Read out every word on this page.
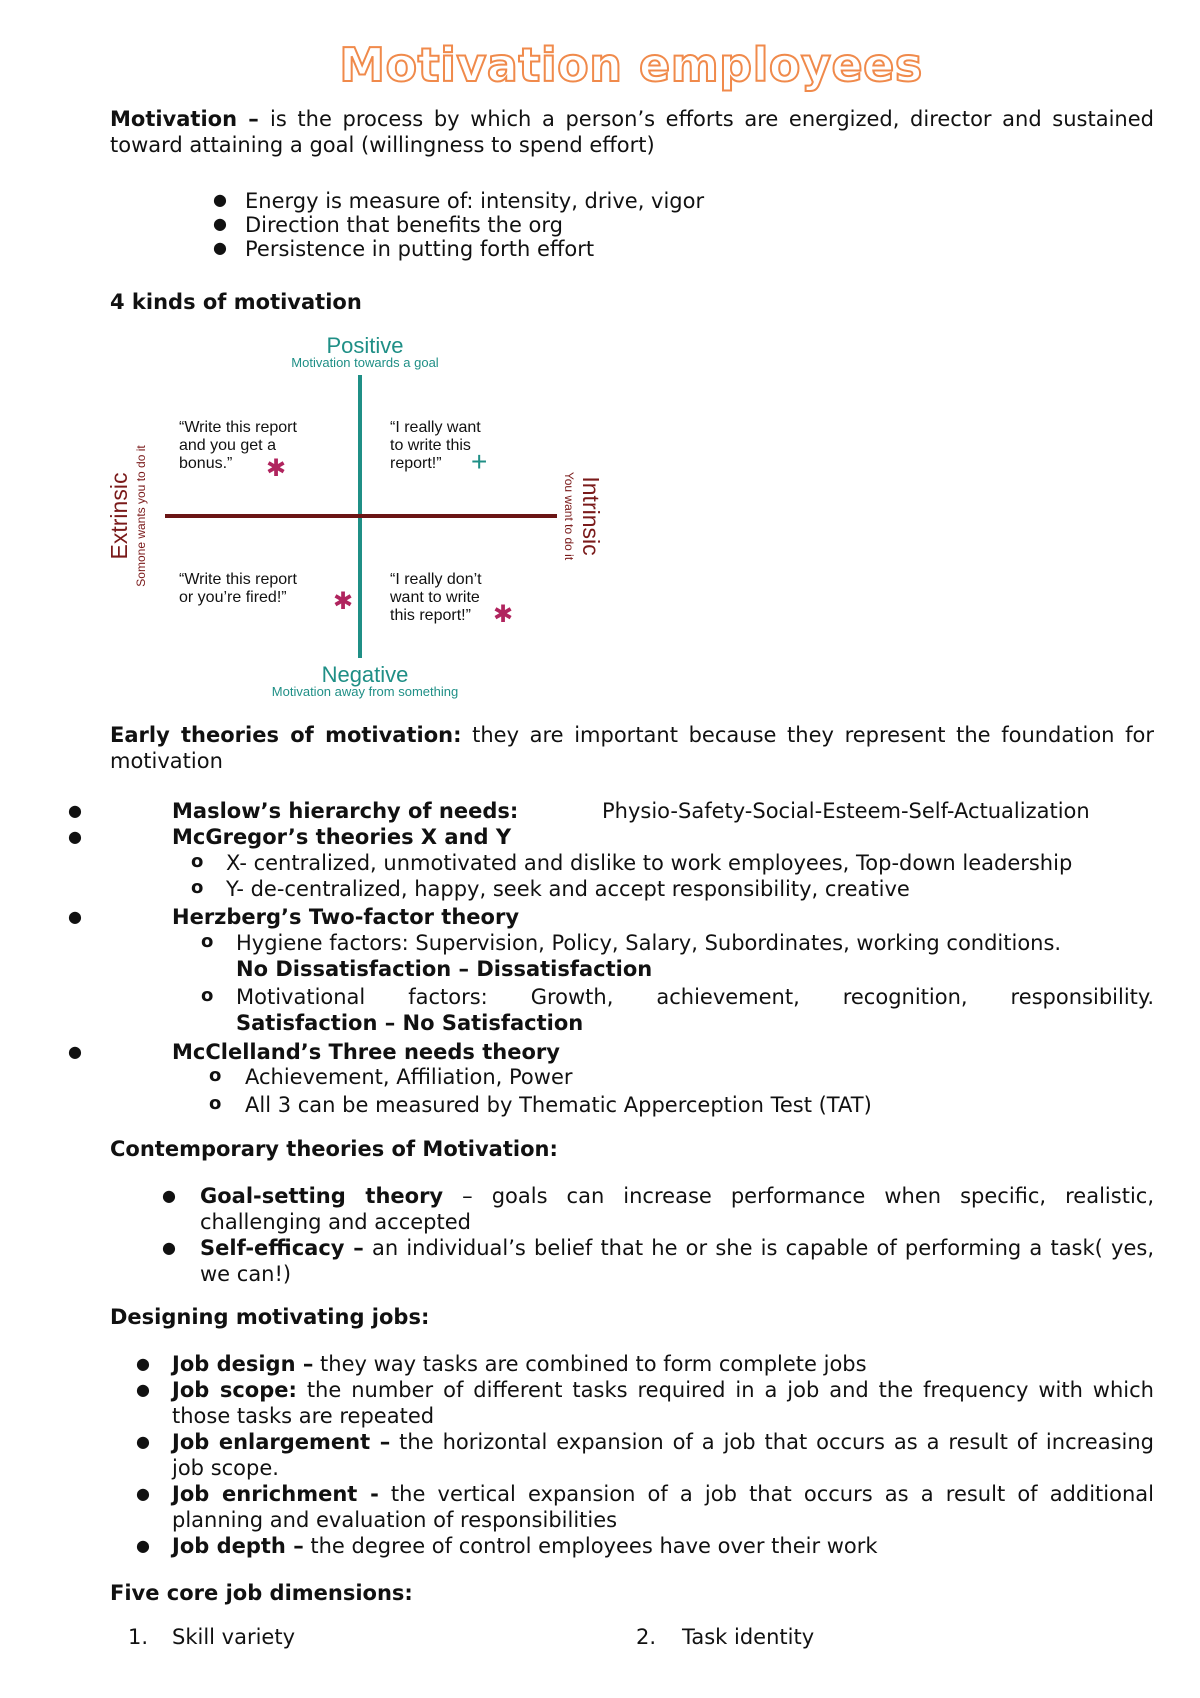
Motivation employees
Motivation – is the process by which a person’s efforts are energized, director and sustained toward attaining a goal (willingness to spend effort)
● Energy is measure of: intensity, drive, vigor
● Direction that benefits the org
● Persistence in putting forth effort
4 kinds of motivation
Positive
Motivation towards a goal
“Write this report and you get a bonus.”	✱
“I really want to write this report!”	+
“Write this report or you’re fired!”	✱
“I really don’t want to write this report!” ✱
Negative
Motivation away from something
Extrinsic Somone wants you to do it	Intrinsic
You want to do it
Early theories of motivation: they are important because they represent the foundation for motivation
●	Maslow’s hierarchy of needs:	Physio-Safety-Social-Esteem-Self-Actualization
●	McGregor’s theories X and Y
o X- centralized, unmotivated and dislike to work employees, Top-down leadership
o Y- de-centralized, happy, seek and accept responsibility, creative
●	Herzberg’s Two-factor theory
o Hygiene factors: Supervision, Policy, Salary, Subordinates, working conditions.
No Dissatisfaction – Dissatisfaction
o Motivational factors: Growth, achievement, recognition, responsibility.
Satisfaction – No Satisfaction
●	McClelland’s Three needs theory
o Achievement, Affiliation, Power
o All 3 can be measured by Thematic Apperception Test (TAT)
Contemporary theories of Motivation:
● Goal-setting theory – goals can increase performance when specific, realistic, challenging and accepted
● Self-efficacy – an individual’s belief that he or she is capable of performing a task( yes, we can!)
Designing motivating jobs:
● Job design – they way tasks are combined to form complete jobs
● Job scope: the number of different tasks required in a job and the frequency with which those tasks are repeated
● Job enlargement – the horizontal expansion of a job that occurs as a result of increasing job scope.
● Job enrichment - the vertical expansion of a job that occurs as a result of additional planning and evaluation of responsibilities
● Job depth – the degree of control employees have over their work
Five core job dimensions:
1. Skill variety	2. Task identity
